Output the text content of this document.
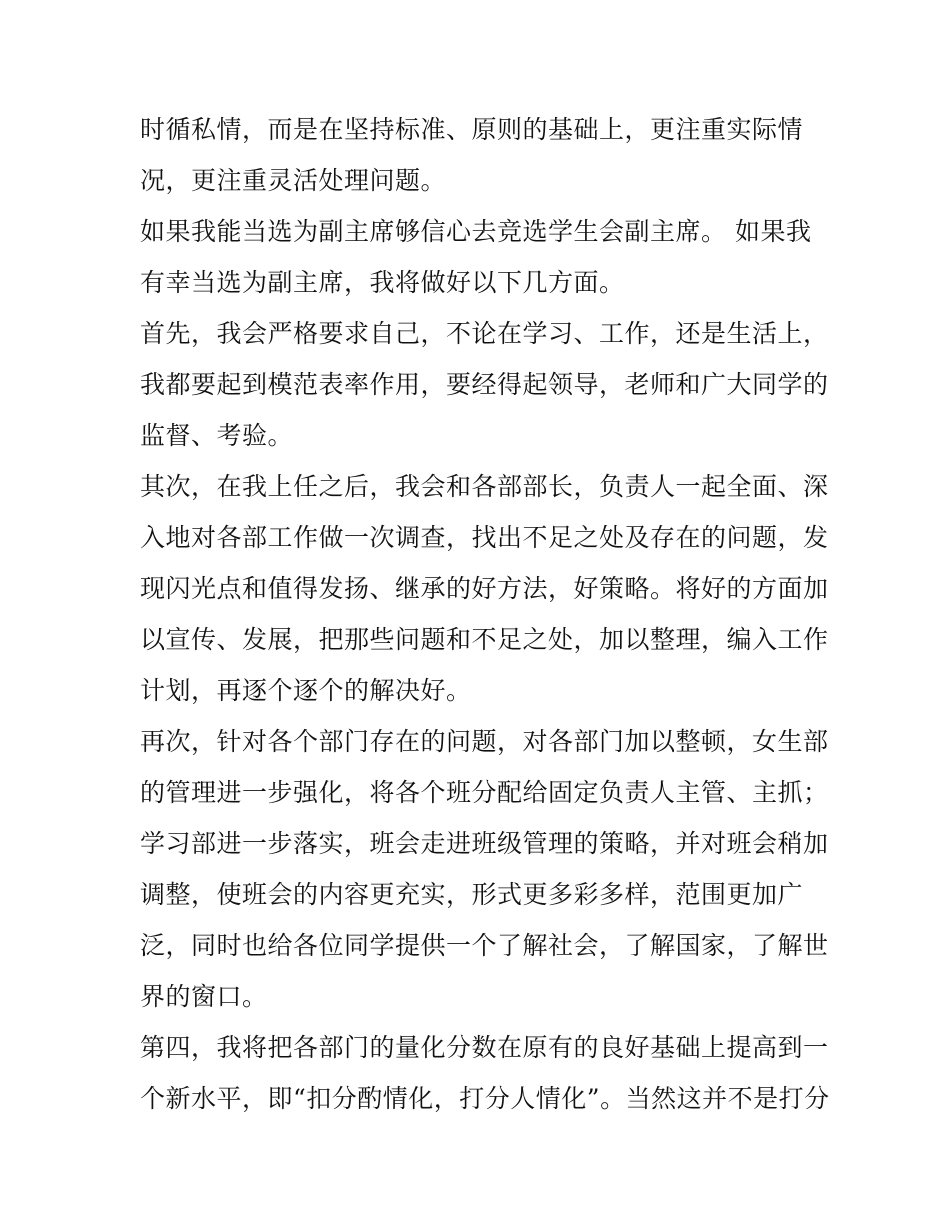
时循私情，而是在坚持标准、原则的基础上，更注重实际情
况，更注重灵活处理问题。
如果我能当选为副主席够信心去竞选学生会副主席。 如果我
有幸当选为副主席，我将做好以下几方面。
首先，我会严格要求自己，不论在学习、工作，还是生活上，
我都要起到模范表率作用，要经得起领导，老师和广大同学的
监督、考验。
其次，在我上任之后，我会和各部部长，负责人一起全面、深
入地对各部工作做一次调查，找出不足之处及存在的问题，发
现闪光点和值得发扬、继承的好方法，好策略。将好的方面加
以宣传、发展，把那些问题和不足之处，加以整理，编入工作
计划，再逐个逐个的解决好。
再次，针对各个部门存在的问题，对各部门加以整顿，女生部
的管理进一步强化，将各个班分配给固定负责人主管、主抓；
学习部进一步落实，班会走进班级管理的策略，并对班会稍加
调整，使班会的内容更充实，形式更多彩多样，范围更加广
泛，同时也给各位同学提供一个了解社会，了解国家，了解世
界的窗口。
第四，我将把各部门的量化分数在原有的良好基础上提高到一
个新水平，即“扣分酌情化，打分人情化”。当然这并不是打分
